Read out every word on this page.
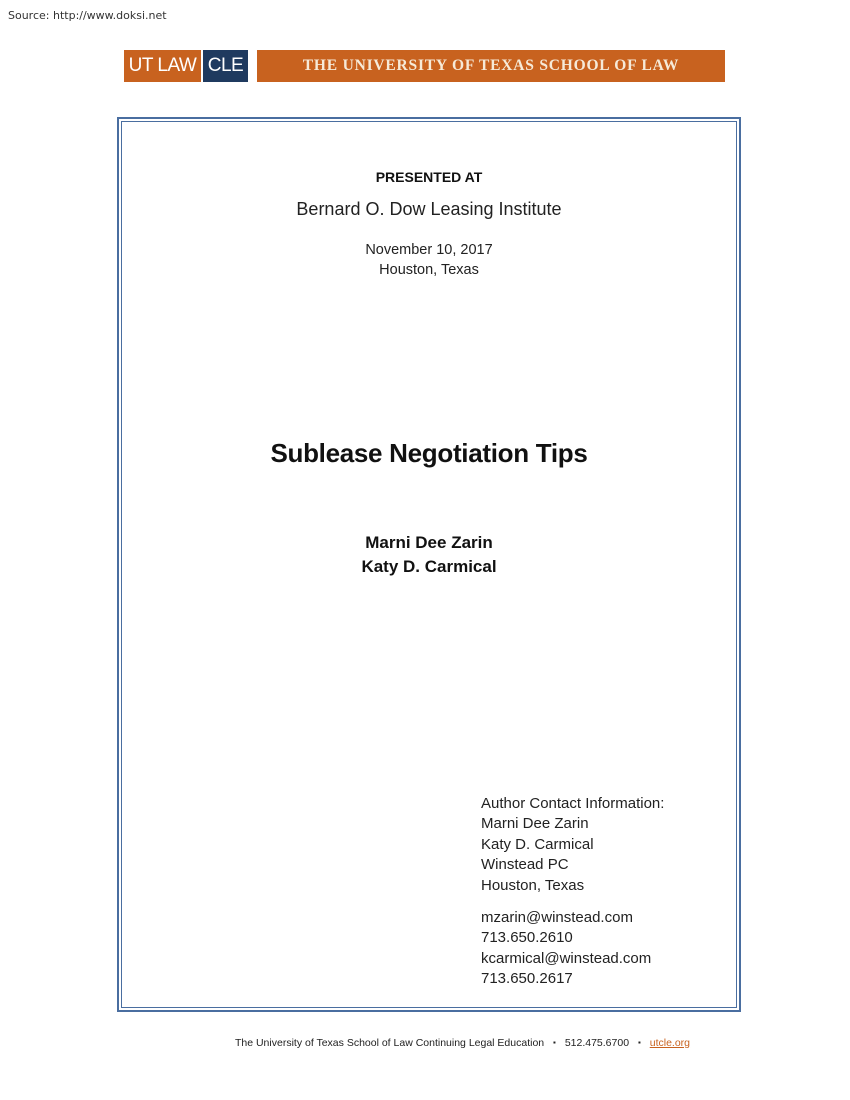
Source: http://www.doksi.net
UT LAW CLE	THE UNIVERSITY OF TEXAS SCHOOL OF LAW
PRESENTED AT
Bernard O. Dow Leasing Institute
November 10, 2017
Houston, Texas
Sublease Negotiation Tips
Marni Dee Zarin
Katy D. Carmical
Author Contact Information:
Marni Dee Zarin
Katy D. Carmical
Winstead PC
Houston, Texas
mzarin@winstead.com
713.650.2610
kcarmical@winstead.com
713.650.2617
The University of Texas School of Law Continuing Legal Education ▪ 512.475.6700 ▪ utcle.org
